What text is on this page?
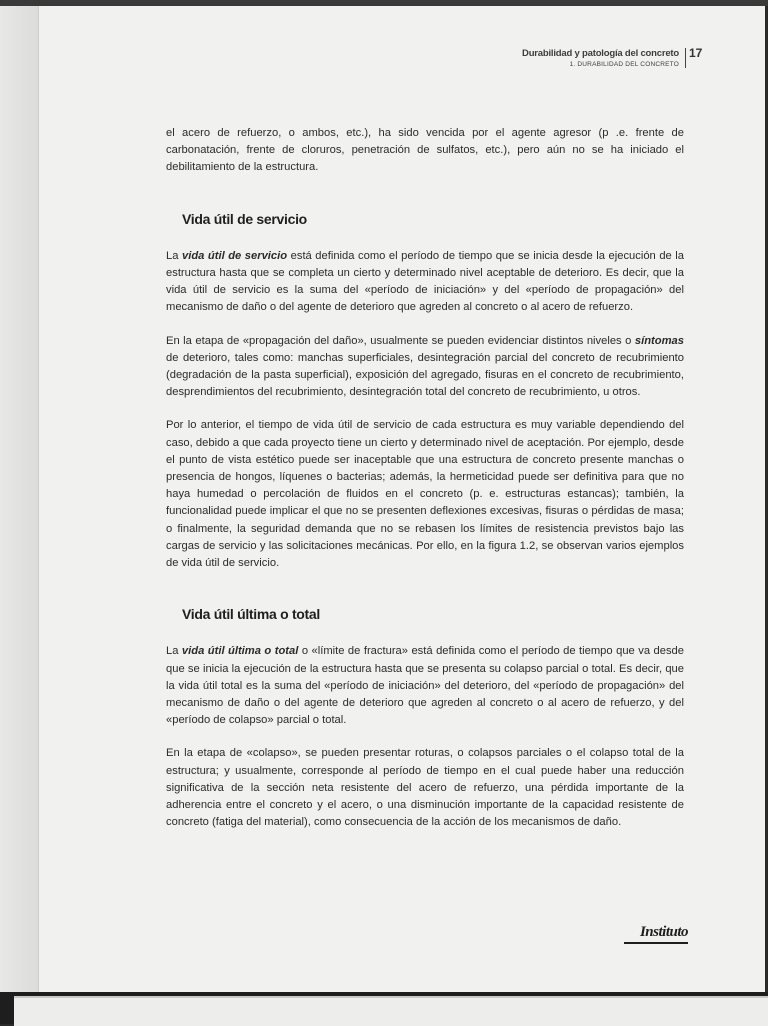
Durabilidad y patología del concreto
1. DURABILIDAD DEL CONCRETO
17

el acero de refuerzo, o ambos, etc.), ha sido vencida por el agente agresor (p .e. frente de carbonatación, frente de cloruros, penetración de sulfatos, etc.), pero aún no se ha iniciado el debilitamiento de la estructura.

Vida útil de servicio

La vida útil de servicio está definida como el período de tiempo que se inicia desde la ejecución de la estructura hasta que se completa un cierto y determinado nivel aceptable de deterioro. Es decir, que la vida útil de servicio es la suma del «período de iniciación» y del «período de propagación» del mecanismo de daño o del agente de deterioro que agreden al concreto o al acero de refuerzo.

En la etapa de «propagación del daño», usualmente se pueden evidenciar distintos niveles o síntomas de deterioro, tales como: manchas superficiales, desintegración parcial del concreto de recubrimiento (degradación de la pasta superficial), exposición del agregado, fisuras en el concreto de recubrimiento, desprendimientos del recubrimiento, desintegración total del concreto de recubrimiento, u otros.

Por lo anterior, el tiempo de vida útil de servicio de cada estructura es muy variable dependiendo del caso, debido a que cada proyecto tiene un cierto y determinado nivel de aceptación. Por ejemplo, desde el punto de vista estético puede ser inaceptable que una estructura de concreto presente manchas o presencia de hongos, líquenes o bacterias; además, la hermeticidad puede ser definitiva para que no haya humedad o percolación de fluidos en el concreto (p. e. estructuras estancas); también, la funcionalidad puede implicar el que no se presenten deflexiones excesivas, fisuras o pérdidas de masa; o finalmente, la seguridad demanda que no se rebasen los límites de resistencia previstos bajo las cargas de servicio y las solicitaciones mecánicas. Por ello, en la figura 1.2, se observan varios ejemplos de vida útil de servicio.

Vida útil última o total

La vida útil última o total o «límite de fractura» está definida como el período de tiempo que va desde que se inicia la ejecución de la estructura hasta que se presenta su colapso parcial o total. Es decir, que la vida útil total es la suma del «período de iniciación» del deterioro, del «período de propagación» del mecanismo de daño o del agente de deterioro que agreden al concreto o al acero de refuerzo, y del «período de colapso» parcial o total.

En la etapa de «colapso», se pueden presentar roturas, o colapsos parciales o el colapso total de la estructura; y usualmente, corresponde al período de tiempo en el cual puede haber una reducción significativa de la sección neta resistente del acero de refuerzo, una pérdida importante de la adherencia entre el concreto y el acero, o una disminución importante de la capacidad resistente de concreto (fatiga del material), como consecuencia de la acción de los mecanismos de daño.

Instituto
